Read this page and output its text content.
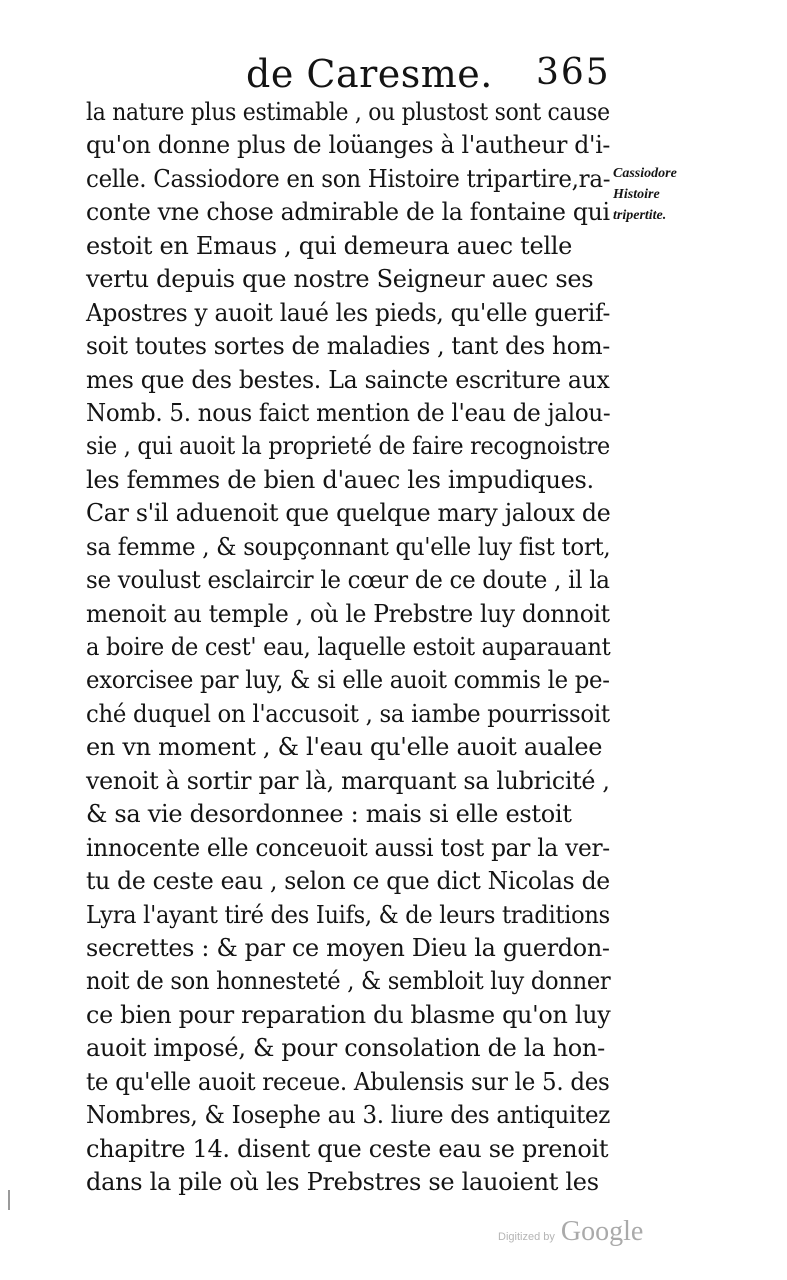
de Caresme. 365
Cassiodore
Histoire
tripertite.
la nature plus estimable , ou plustost sont cause
qu'on donne plus de loüanges à l'autheur d'i-
celle. Cassiodore en son Histoire tripartire,ra-
conte vne chose admirable de la fontaine qui
estoit en Emaus , qui demeura auec telle
vertu depuis que nostre Seigneur auec ses
Apostres y auoit laué les pieds, qu'elle guerif-
soit toutes sortes de maladies , tant des hom-
mes que des bestes. La saincte escriture aux
Nomb. 5. nous faict mention de l'eau de jalou-
sie , qui auoit la proprieté de faire recognoistre
les femmes de bien d'auec les impudiques.
Car s'il aduenoit que quelque mary jaloux de
sa femme , & soupçonnant qu'elle luy fist tort,
se voulust esclaircir le cœur de ce doute , il la
menoit au temple , où le Prebstre luy donnoit
a boire de cest' eau, laquelle estoit auparauant
exorcisee par luy, & si elle auoit commis le pe-
ché duquel on l'accusoit , sa iambe pourrissoit
en vn moment , & l'eau qu'elle auoit aualee
venoit à sortir par là, marquant sa lubricité ,
& sa vie desordonnee : mais si elle estoit
innocente elle conceuoit aussi tost par la ver-
tu de ceste eau , selon ce que dict Nicolas de
Lyra l'ayant tiré des Iuifs, & de leurs traditions
secrettes : & par ce moyen Dieu la guerdon-
noit de son honnesteté , & sembloit luy donner
ce bien pour reparation du blasme qu'on luy
auoit imposé, & pour consolation de la hon-
te qu'elle auoit receue. Abulensis sur le 5. des
Nombres, & Iosephe au 3. liure des antiquitez
chapitre 14. disent que ceste eau se prenoit
dans la pile où les Prebstres se lauoient les
Digitized by Google
